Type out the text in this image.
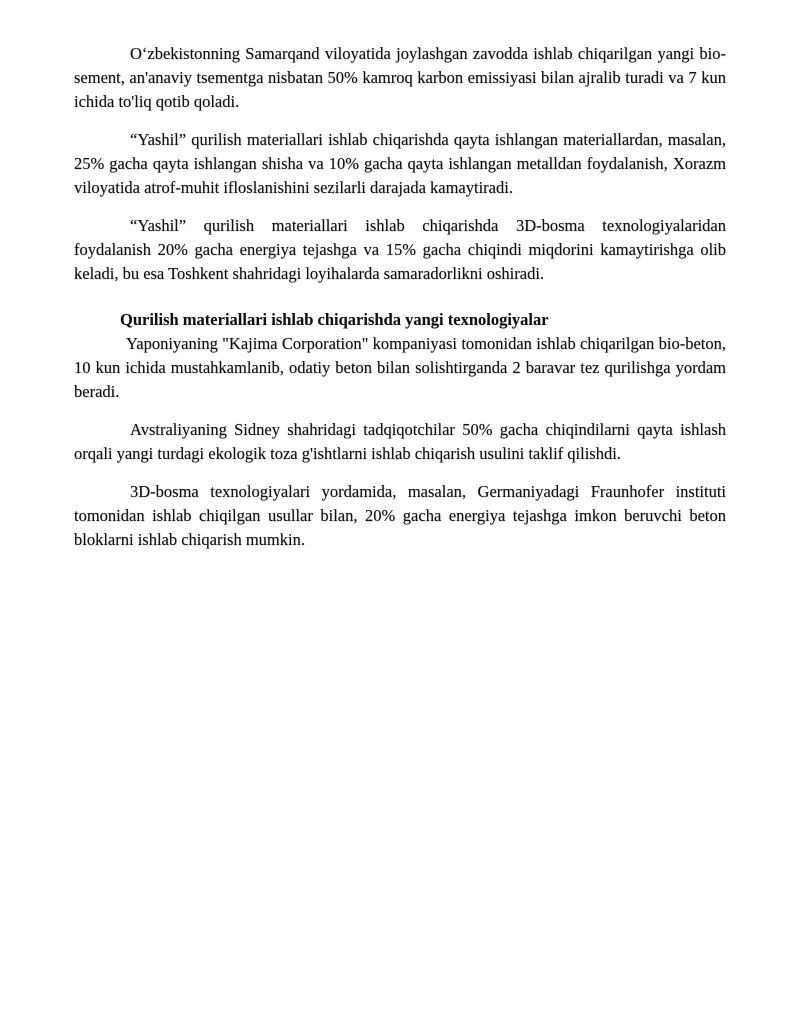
O‘zbekistonning Samarqand viloyatida joylashgan zavodda ishlab chiqarilgan yangi bio-sement, an'anaviy tsementga nisbatan 50% kamroq karbon emissiyasi bilan ajralib turadi va 7 kun ichida to'liq qotib qoladi.

“Yashil” qurilish materiallari ishlab chiqarishda qayta ishlangan materiallardan, masalan, 25% gacha qayta ishlangan shisha va 10% gacha qayta ishlangan metalldan foydalanish, Xorazm viloyatida atrof-muhit ifloslanishini sezilarli darajada kamaytiradi.

“Yashil” qurilish materiallari ishlab chiqarishda 3D-bosma texnologiyalaridan foydalanish 20% gacha energiya tejashga va 15% gacha chiqindi miqdorini kamaytirishga olib keladi, bu esa Toshkent shahridagi loyihalarda samaradorlikni oshiradi.

Qurilish materiallari ishlab chiqarishda yangi texnologiyalar

Yaponiyaning "Kajima Corporation" kompaniyasi tomonidan ishlab chiqarilgan bio-beton, 10 kun ichida mustahkamlanib, odatiy beton bilan solishtirganda 2 baravar tez qurilishga yordam beradi.

Avstraliyaning Sidney shahridagi tadqiqotchilar 50% gacha chiqindilarni qayta ishlash orqali yangi turdagi ekologik toza g'ishtlarni ishlab chiqarish usulini taklif qilishdi.

3D-bosma texnologiyalari yordamida, masalan, Germaniyadagi Fraunhofer instituti tomonidan ishlab chiqilgan usullar bilan, 20% gacha energiya tejashga imkon beruvchi beton bloklarni ishlab chiqarish mumkin.
